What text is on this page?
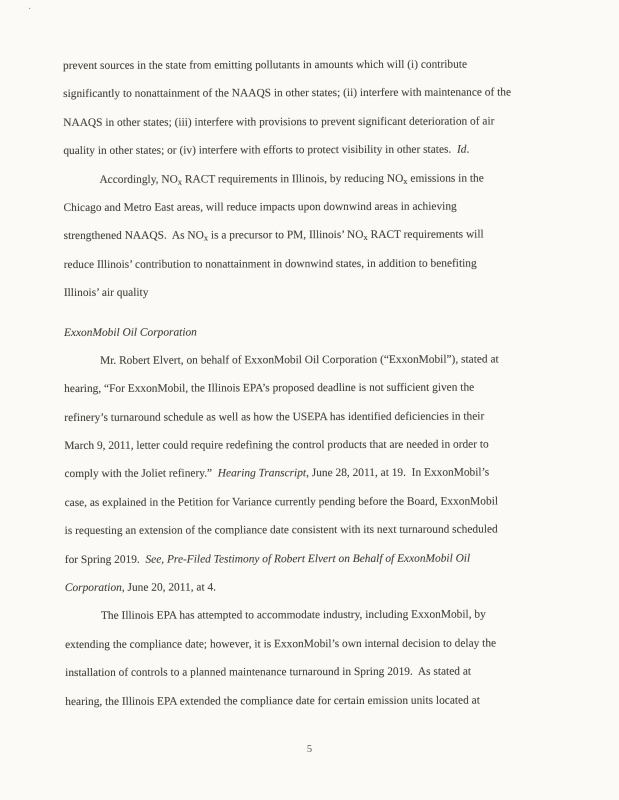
·
prevent sources in the state from emitting pollutants in amounts which will (i) contribute
significantly to nonattainment of the NAAQS in other states; (ii) interfere with maintenance of the
NAAQS in other states; (iii) interfere with provisions to prevent significant deterioration of air
quality in other states; or (iv) interfere with efforts to protect visibility in other states.  Id.
Accordingly, $NO_x$ RACT requirements in Illinois, by reducing $NO_x$ emissions in the
Chicago and Metro East areas, will reduce impacts upon downwind areas in achieving
strengthened NAAQS.  As $NO_x$ is a precursor to PM, Illinois’ $NO_x$ RACT requirements will
reduce Illinois’ contribution to nonattainment in downwind states, in addition to benefiting
Illinois’ air quality
ExxonMobil Oil Corporation
Mr. Robert Elvert, on behalf of ExxonMobil Oil Corporation (“ExxonMobil”), stated at
hearing, “For ExxonMobil, the Illinois EPA’s proposed deadline is not sufficient given the
refinery’s turnaround schedule as well as how the USEPA has identified deficiencies in their
March 9, 2011, letter could require redefining the control products that are needed in order to
comply with the Joliet refinery.”  Hearing Transcript, June 28, 2011, at 19.  In ExxonMobil’s
case, as explained in the Petition for Variance currently pending before the Board, ExxonMobil
is requesting an extension of the compliance date consistent with its next turnaround scheduled
for Spring 2019.  See, Pre-Filed Testimony of Robert Elvert on Behalf of ExxonMobil Oil
Corporation, June 20, 2011, at 4.
The Illinois EPA has attempted to accommodate industry, including ExxonMobil, by
extending the compliance date; however, it is ExxonMobil’s own internal decision to delay the
installation of controls to a planned maintenance turnaround in Spring 2019.  As stated at
hearing, the Illinois EPA extended the compliance date for certain emission units located at
5
